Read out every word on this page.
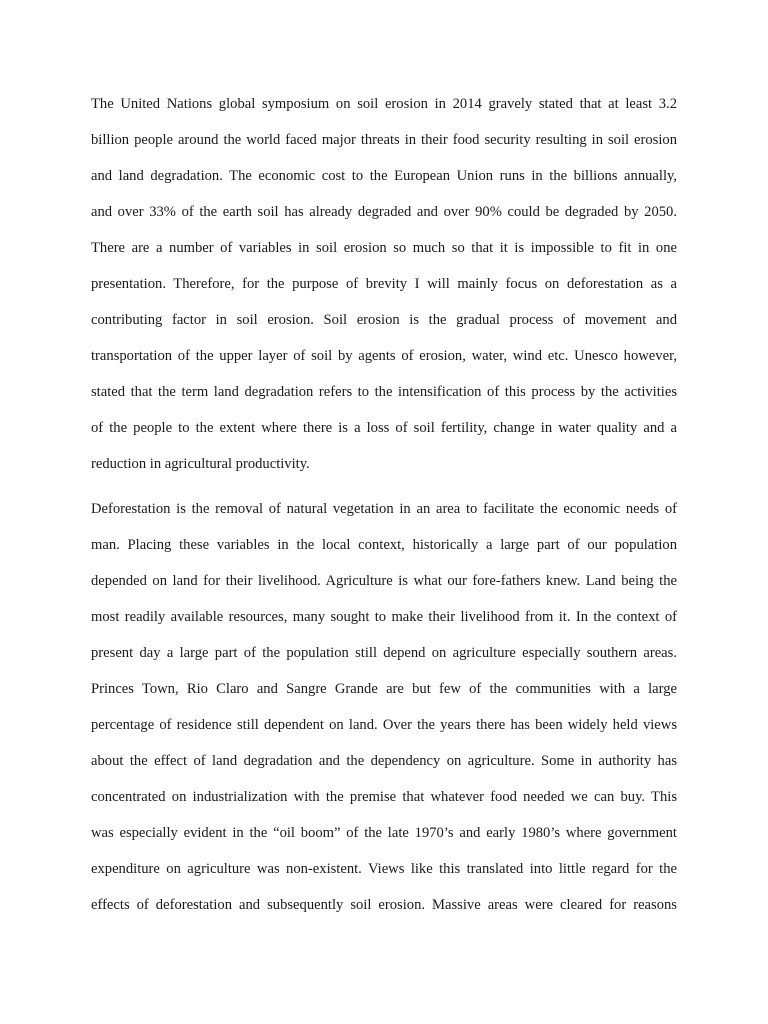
The United Nations global symposium on soil erosion in 2014 gravely stated that at least 3.2
billion people around the world faced major threats in their food security resulting in soil erosion
and land degradation. The economic cost to the European Union runs in the billions annually,
and over 33% of the earth soil has already degraded and over 90% could be degraded by 2050.
There are a number of variables in soil erosion so much so that it is impossible to fit in one
presentation. Therefore, for the purpose of brevity I will mainly focus on deforestation as a
contributing factor in soil erosion. Soil erosion is the gradual process of movement and
transportation of the upper layer of soil by agents of erosion, water, wind etc. Unesco however,
stated that the term land degradation refers to the intensification of this process by the activities
of the people to the extent where there is a loss of soil fertility, change in water quality and a
reduction in agricultural productivity.
Deforestation is the removal of natural vegetation in an area to facilitate the economic needs of
man. Placing these variables in the local context, historically a large part of our population
depended on land for their livelihood. Agriculture is what our fore-fathers knew. Land being the
most readily available resources, many sought to make their livelihood from it. In the context of
present day a large part of the population still depend on agriculture especially southern areas.
Princes Town, Rio Claro and Sangre Grande are but few of the communities with a large
percentage of residence still dependent on land. Over the years there has been widely held views
about the effect of land degradation and the dependency on agriculture. Some in authority has
concentrated on industrialization with the premise that whatever food needed we can buy. This
was especially evident in the “oil boom” of the late 1970’s and early 1980’s where government
expenditure on agriculture was non-existent. Views like this translated into little regard for the
effects of deforestation and subsequently soil erosion. Massive areas were cleared for reasons
